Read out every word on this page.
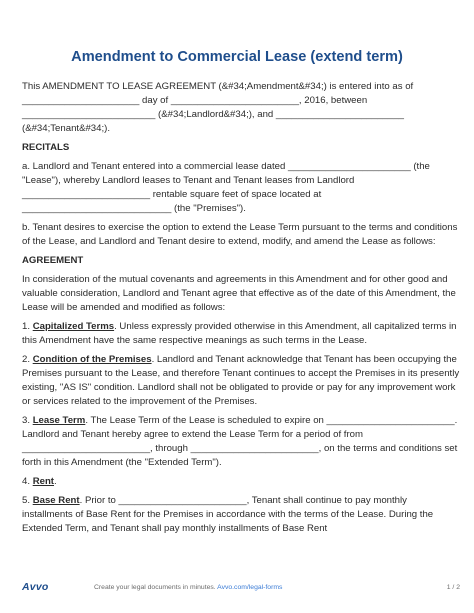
Amendment to Commercial Lease (extend term)

This AMENDMENT TO LEASE AGREEMENT (&#34;Amendment&#34;) is entered into as of ______________________ day of ________________________, 2016, between _________________________ (&#34;Landlord&#34;), and ________________________ (&#34;Tenant&#34;).

RECITALS

a. Landlord and Tenant entered into a commercial lease dated _______________________ (the "Lease"), whereby Landlord leases to Tenant and Tenant leases from Landlord ________________________ rentable square feet of space located at ____________________________ (the "Premises").

b. Tenant desires to exercise the option to extend the Lease Term pursuant to the terms and conditions of the Lease, and Landlord and Tenant desire to extend, modify, and amend the Lease as follows:

AGREEMENT

In consideration of the mutual covenants and agreements in this Amendment and for other good and valuable consideration, Landlord and Tenant agree that effective as of the date of this Amendment, the Lease will be amended and modified as follows:

1. Capitalized Terms. Unless expressly provided otherwise in this Amendment, all capitalized terms in this Amendment have the same respective meanings as such terms in the Lease.

2. Condition of the Premises. Landlord and Tenant acknowledge that Tenant has been occupying the Premises pursuant to the Lease, and therefore Tenant continues to accept the Premises in its presently existing, "AS IS" condition. Landlord shall not be obligated to provide or pay for any improvement work or services related to the improvement of the Premises.

3. Lease Term. The Lease Term of the Lease is scheduled to expire on ________________________. Landlord and Tenant hereby agree to extend the Lease Term for a period of from ________________________, through ________________________, on the terms and conditions set forth in this Amendment (the "Extended Term").

4. Rent.

5. Base Rent. Prior to ________________________, Tenant shall continue to pay monthly installments of Base Rent for the Premises in accordance with the terms of the Lease. During the Extended Term, and Tenant shall pay monthly installments of Base Rent

Avvo	Create your legal documents in minutes. Avvo.com/legal-forms	1 / 2
